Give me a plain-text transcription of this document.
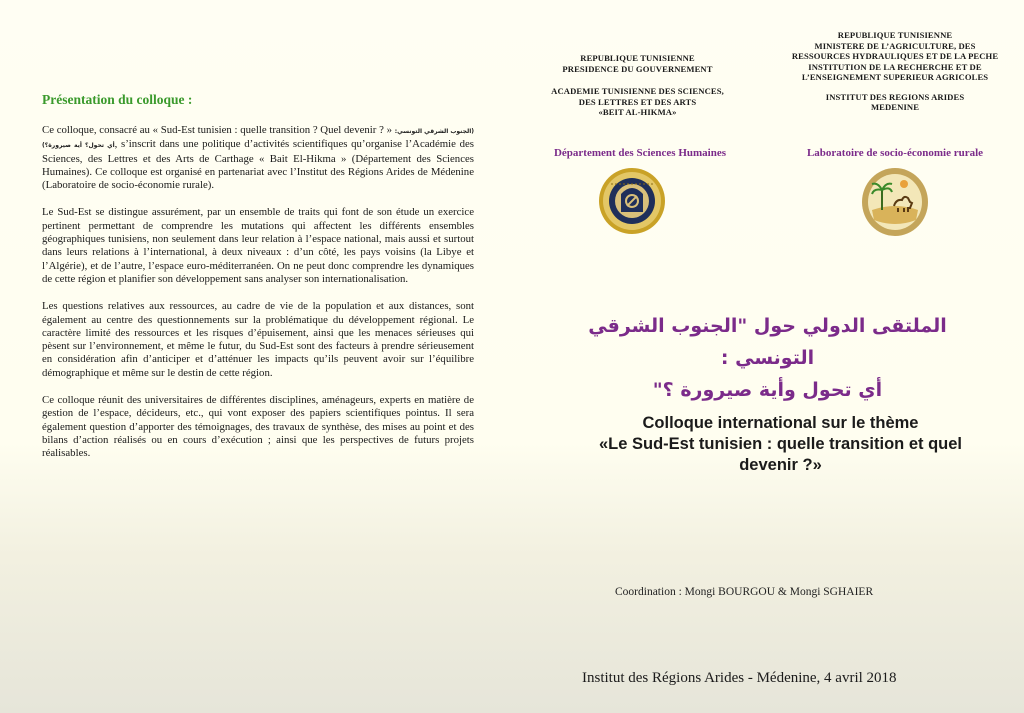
Présentation du colloque :

Ce colloque, consacré au « Sud-Est tunisien : quelle transition ? Quel devenir ? » (الجنوب الشرقي التونسي: أي تحول؟ أية صيرورة؟), s’inscrit dans une politique d’activités scientifiques qu’organise l’Académie des Sciences, des Lettres et des Arts de Carthage « Bait El-Hikma » (Département des Sciences Humaines). Ce colloque est organisé en partenariat avec l’Institut des Régions Arides de Médenine (Laboratoire de socio-économie rurale).

Le Sud-Est se distingue assurément, par un ensemble de traits qui font de son étude un exercice pertinent permettant de comprendre les mutations qui affectent les différents ensembles géographiques tunisiens, non seulement dans leur relation à l’espace national, mais aussi et surtout dans leurs relations à l’international, à deux niveaux : d’un côté, les pays voisins (la Libye et l’Algérie), et de l’autre, l’espace euro-méditerranéen. On ne peut donc comprendre les dynamiques de cette région et planifier son développement sans analyser son internationalisation.

Les questions relatives aux ressources, au cadre de vie de la population et aux distances, sont également au centre des questionnements sur la problématique du développement régional. Le caractère limité des ressources et les risques d’épuisement, ainsi que les menaces sérieuses qui pèsent sur l’environnement, et même le futur, du Sud-Est sont des facteurs à prendre sérieusement en considération afin d’anticiper et d’atténuer les impacts qu’ils peuvent avoir sur l’équilibre démographique et même sur le destin de cette région.

Ce colloque réunit des universitaires de différentes disciplines, aménageurs, experts en matière de gestion de l’espace, décideurs, etc., qui vont exposer des papiers scientifiques pointus. Il sera également question d’apporter des témoignages, des travaux de synthèse, des mises au point et des bilans d’action réalisés ou en cours d’exécution ; ainsi que les perspectives de futurs projets réalisables.

REPUBLIQUE TUNISIENNE
PRESIDENCE DU GOUVERNEMENT
ACADEMIE TUNISIENNE DES SCIENCES,
DES LETTRES ET DES ARTS
«BEIT AL-HIKMA»
Département des Sciences Humaines
REPUBLIQUE TUNISIENNE
MINISTERE DE L’AGRICULTURE, DES
RESSOURCES HYDRAULIQUES ET DE LA PECHE
INSTITUTION DE LA RECHERCHE ET DE
L’ENSEIGNEMENT SUPERIEUR AGRICOLES
INSTITUT DES REGIONS ARIDES
MEDENINE
Laboratoire de socio-économie rurale
الملتقى الدولي حول "الجنوب الشرقي التونسي :
أي تحول وأية صيرورة ؟"
Colloque international sur le thème
«Le Sud-Est tunisien : quelle transition et quel
devenir ?»
Coordination : Mongi BOURGOU & Mongi SGHAIER
Institut des Régions Arides - Médenine, 4 avril 2018
